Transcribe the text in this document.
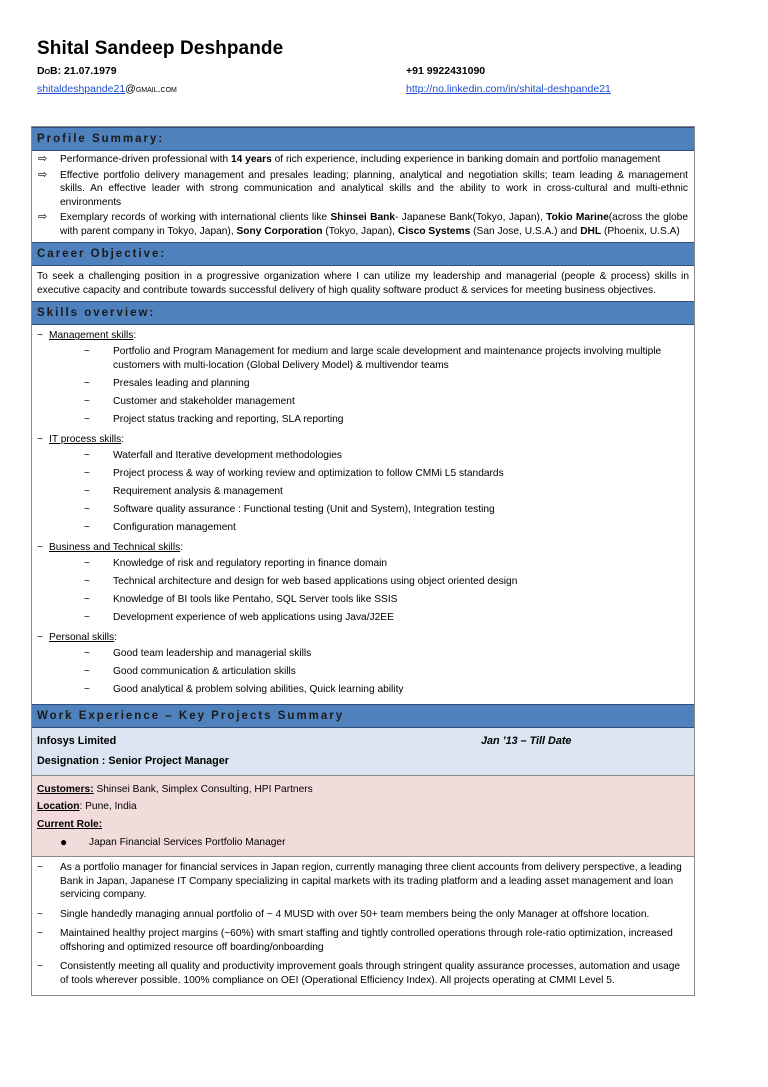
Shital Sandeep Deshpande
DoB: 21.07.1979
shitaldeshpande21@gmail.com
+91 9922431090
http://no.linkedin.com/in/shital-deshpande21
Profile Summary:
⇨	Performance-driven professional with 14 years of rich experience, including experience in banking domain and portfolio management
⇨	Effective portfolio delivery management and presales leading; planning, analytical and negotiation skills; team leading & management skills. An effective leader with strong communication and analytical skills and the ability to work in cross-cultural and multi-ethnic environments
⇨	Exemplary records of working with international clients like Shinsei Bank- Japanese Bank(Tokyo, Japan), Tokio Marine(across the globe with parent company in Tokyo, Japan), Sony Corporation (Tokyo, Japan), Cisco Systems (San Jose, U.S.A.) and DHL (Phoenix, U.S.A)
Career Objective:
To seek a challenging position in a progressive organization where I can utilize my leadership and managerial (people & process) skills in executive capacity and contribute towards successful delivery of high quality software product & services for meeting business objectives.
Skills overview:
~ Management skills :
~	Portfolio and Program Management for medium and large scale development and maintenance projects involving multiple customers with multi-location (Global Delivery Model) & multivendor teams
~	Presales leading and planning
~	Customer and stakeholder management
~	Project status tracking and reporting, SLA reporting
~ IT process skills :
~	Waterfall and Iterative development methodologies
~	Project process & way of working review and optimization to follow CMMi L5 standards
~	Requirement analysis & management
~	Software quality assurance : Functional testing (Unit and System), Integration testing
~	Configuration management
~ Business and Technical skills :
~	Knowledge of risk and regulatory reporting in finance domain
~	Technical architecture and design for web based applications using object oriented design
~	Knowledge of BI tools like Pentaho, SQL Server tools like SSIS
~	Development experience of web applications using Java/J2EE
~ Personal skills :
~	Good team leadership and managerial skills
~	Good communication & articulation skills
~	Good analytical & problem solving abilities, Quick learning ability
Work Experience – Key Projects Summary
Infosys Limited	Jan ’13 – Till Date
Designation : Senior Project Manager
Customers: Shinsei Bank, Simplex Consulting, HPI Partners
Location: Pune, India
Current Role:
●	Japan Financial Services Portfolio Manager
~	As a portfolio manager for financial services in Japan region, currently managing three client accounts from delivery perspective, a leading Bank in Japan, Japanese IT Company specializing in capital markets with its trading platform and a leading asset management and loan servicing company.
~	Single handedly managing annual portfolio of ~ 4 MUSD with over 50+ team members being the only Manager at offshore location.
~	Maintained healthy project margins (~60%) with smart staffing and tightly controlled operations through role-ratio optimization, increased offshoring and optimized resource off boarding/onboarding
~	Consistently meeting all quality and productivity improvement goals through stringent quality assurance processes, automation and usage of tools wherever possible. 100% compliance on OEI (Operational Efficiency Index). All projects operating at CMMI Level 5.
